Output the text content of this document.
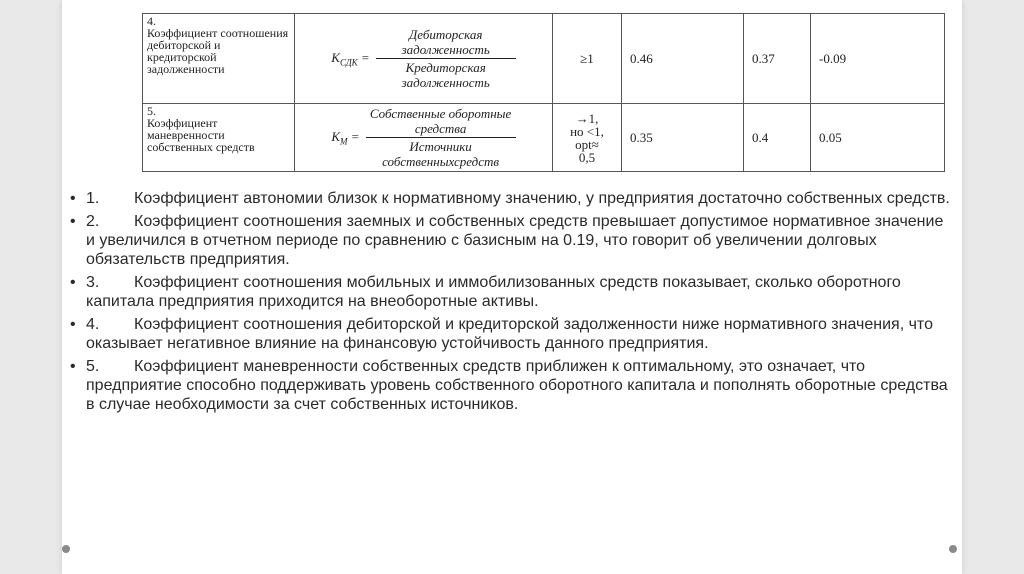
4.
Коэффициент соотношения дебиторской и кредиторской задолженности	$К_{СДК} = \frac{\text{Дебиторская задолженность}}{\text{Кредиторская задолженность}}$	≥1	0.46	0.37	-0.09
5.
Коэффициент маневренности собственных средств	$К_М = \frac{\text{Собственные оборотные средства}}{\text{Источники собственныхсредств}}$	→1,
но <1,
opt≈
0,5	0.35	0.4	0.05
• 1. Коэффициент автономии близок к нормативному значению, у предприятия достаточно собственных средств.
• 2. Коэффициент соотношения заемных и собственных средств превышает допустимое нормативное значение и увеличился в отчетном периоде по сравнению с базисным на 0.19, что говорит об увеличении долговых обязательств предприятия.
• 3. Коэффициент соотношения мобильных и иммобилизованных средств показывает, сколько оборотного капитала предприятия приходится на внеоборотные активы.
• 4. Коэффициент соотношения дебиторской и кредиторской задолженности ниже нормативного значения, что оказывает негативное влияние на финансовую устойчивость данного предприятия.
• 5. Коэффициент маневренности собственных средств приближен к оптимальному, это означает, что предприятие способно поддерживать уровень собственного оборотного капитала и пополнять оборотные средства в случае необходимости за счет собственных источников.
